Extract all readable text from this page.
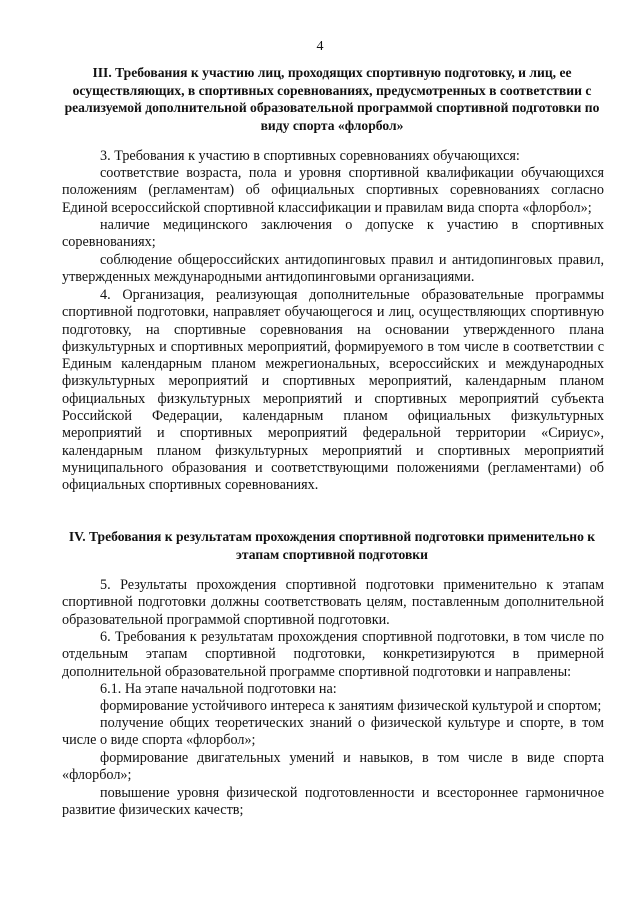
4
III. Требования к участию лиц, проходящих спортивную подготовку, и лиц, ее осуществляющих, в спортивных соревнованиях, предусмотренных в соответствии с реализуемой дополнительной образовательной программой спортивной подготовки по виду спорта «флорбол»

3. Требования к участию в спортивных соревнованиях обучающихся:

соответствие возраста, пола и уровня спортивной квалификации обучающихся положениям (регламентам) об официальных спортивных соревнованиях согласно Единой всероссийской спортивной классификации и правилам вида спорта «флорбол»;

наличие медицинского заключения о допуске к участию в спортивных соревнованиях;

соблюдение общероссийских антидопинговых правил и антидопинговых правил, утвержденных международными антидопинговыми организациями.

4. Организация, реализующая дополнительные образовательные программы спортивной подготовки, направляет обучающегося и лиц, осуществляющих спортивную подготовку, на спортивные соревнования на основании утвержденного плана физкультурных и спортивных мероприятий, формируемого в том числе в соответствии с Единым календарным планом межрегиональных, всероссийских и международных физкультурных мероприятий и спортивных мероприятий, календарным планом официальных физкультурных мероприятий и спортивных мероприятий субъекта Российской Федерации, календарным планом официальных физкультурных мероприятий и спортивных мероприятий федеральной территории «Сириус», календарным планом физкультурных мероприятий и спортивных мероприятий муниципального образования и соответствующими положениями (регламентами) об официальных спортивных соревнованиях.

IV. Требования к результатам прохождения спортивной подготовки применительно к этапам спортивной подготовки

5. Результаты прохождения спортивной подготовки применительно к этапам спортивной подготовки должны соответствовать целям, поставленным дополнительной образовательной программой спортивной подготовки.

6. Требования к результатам прохождения спортивной подготовки, в том числе по отдельным этапам спортивной подготовки, конкретизируются в примерной дополнительной образовательной программе спортивной подготовки и направлены:

6.1. На этапе начальной подготовки на:

формирование устойчивого интереса к занятиям физической культурой и спортом;

получение общих теоретических знаний о физической культуре и спорте, в том числе о виде спорта «флорбол»;

формирование двигательных умений и навыков, в том числе в виде спорта «флорбол»;

повышение уровня физической подготовленности и всестороннее гармоничное развитие физических качеств;
